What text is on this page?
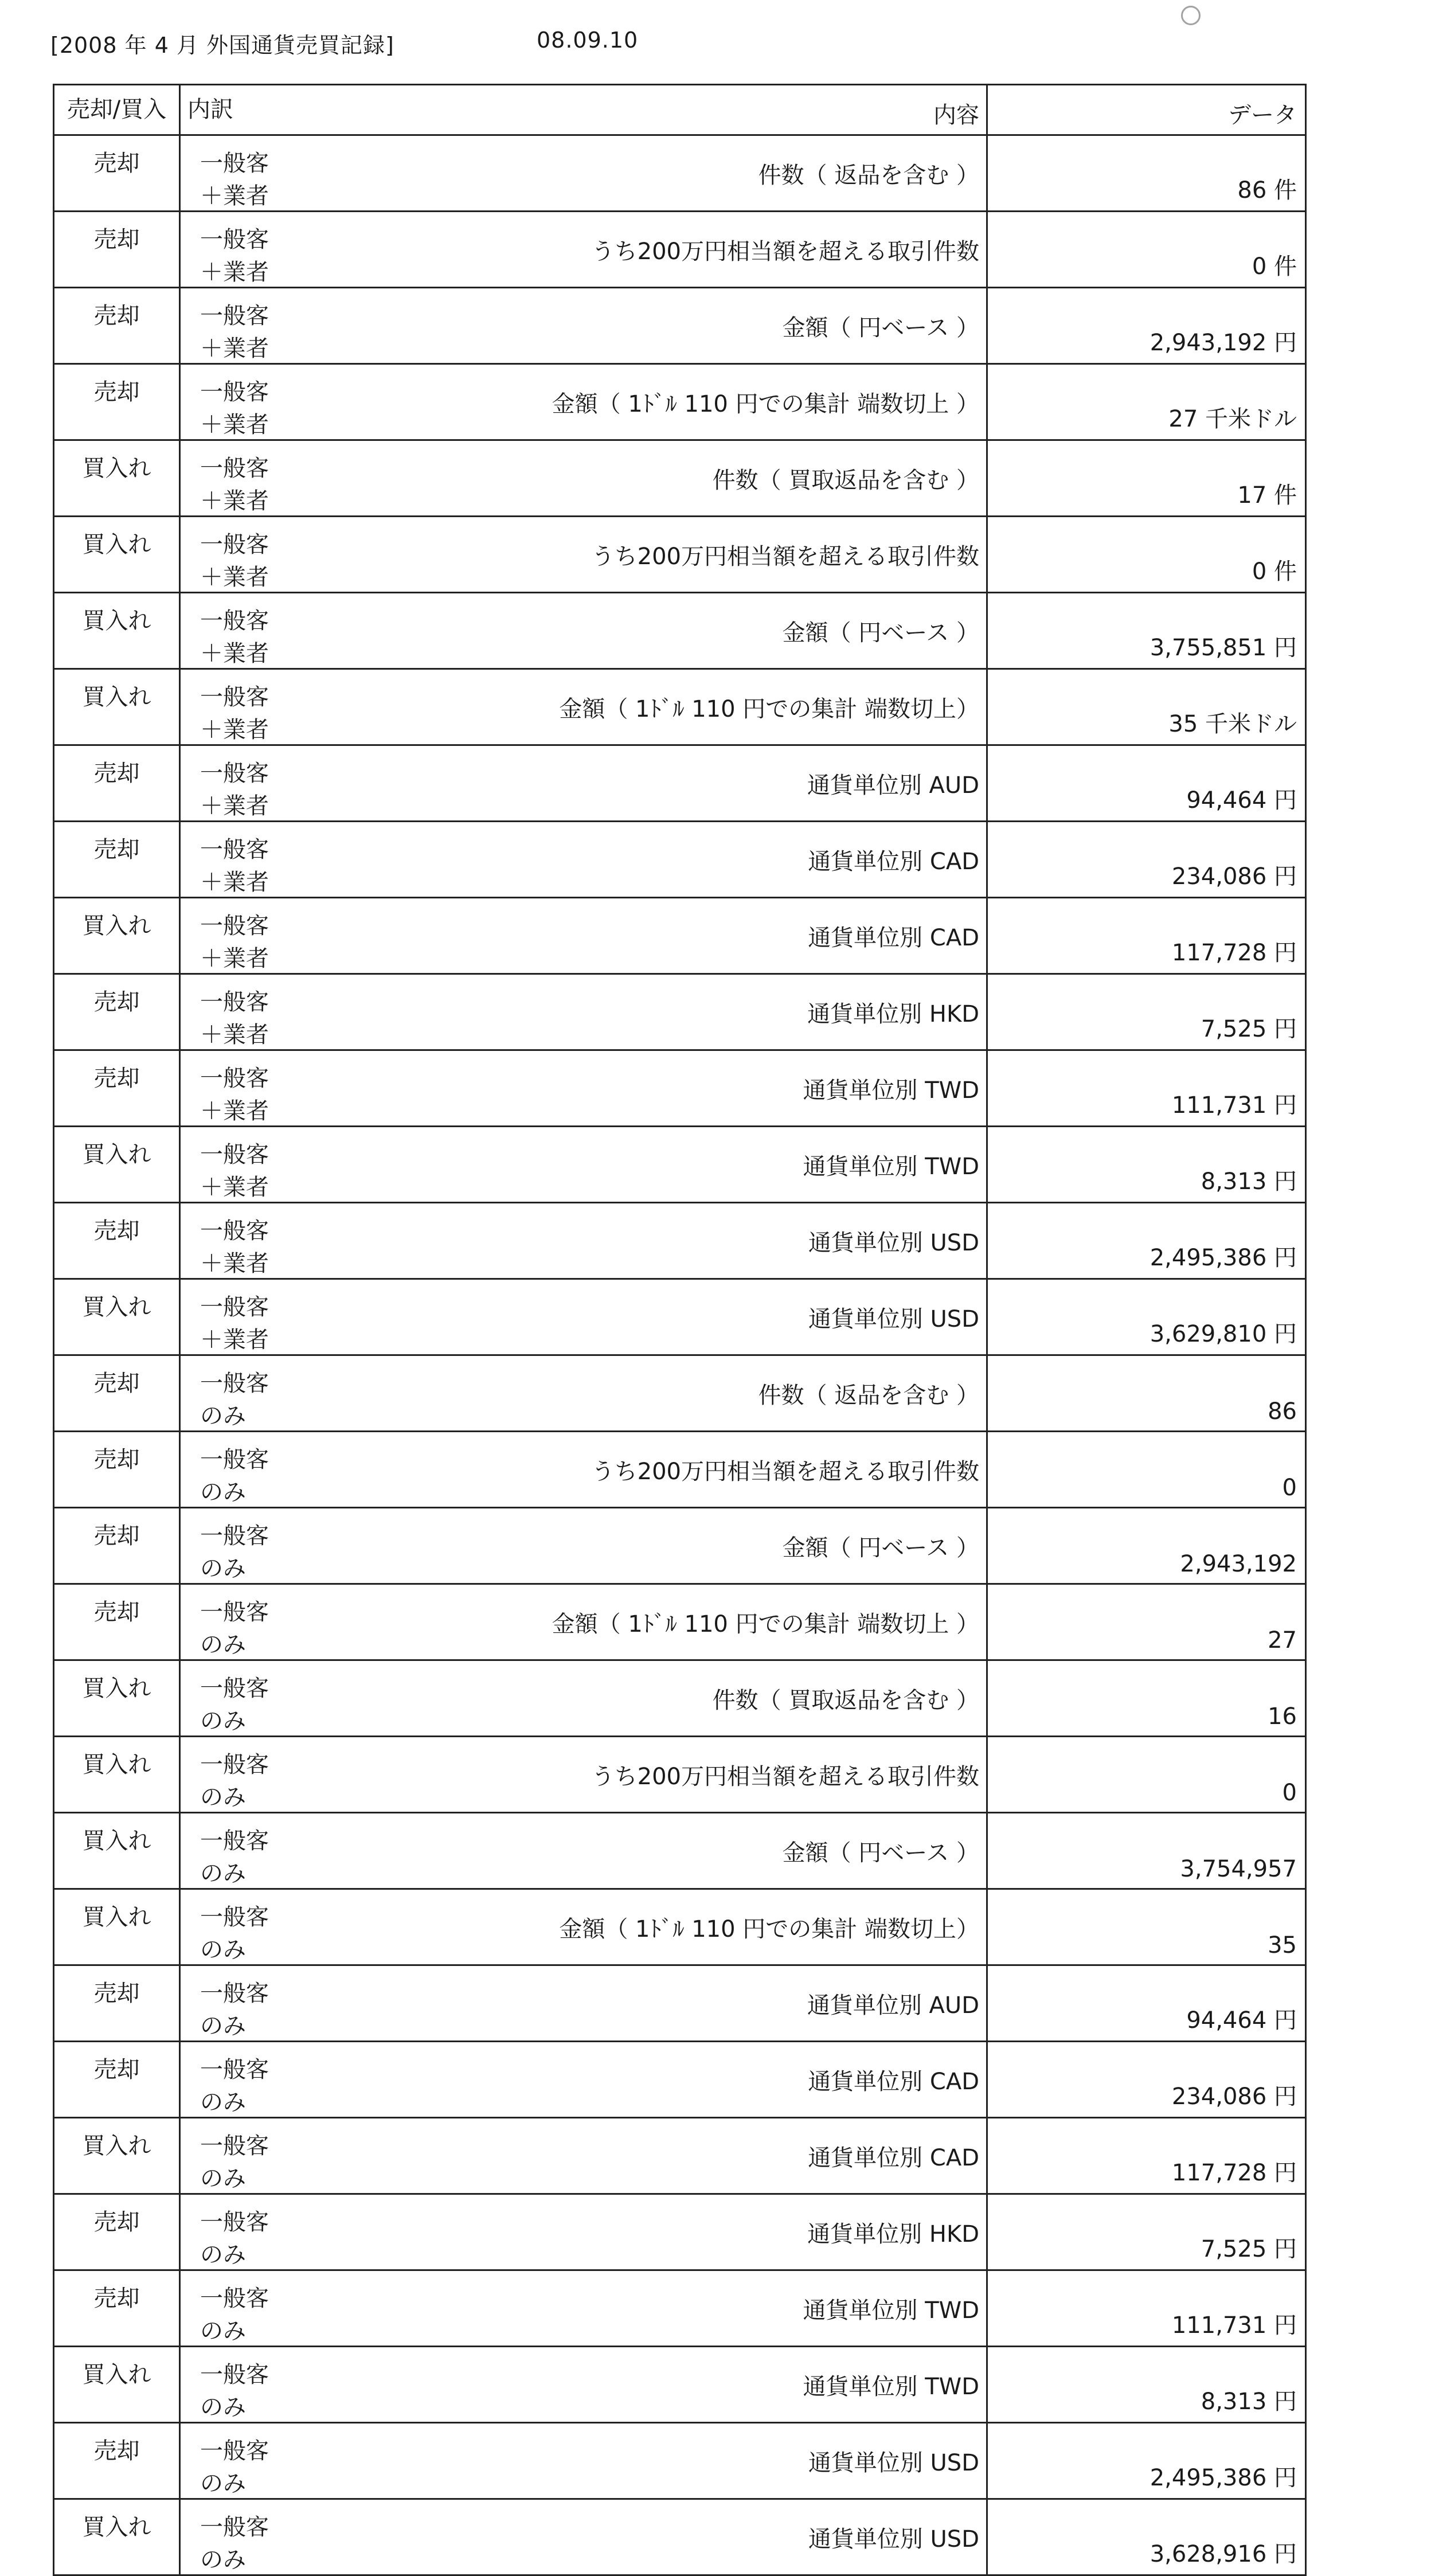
[2008 年 4 月 外国通貨売買記録]	08.09.10
売却/買入	内訳	内容	データ
売却	一般客＋業者	件数（ 返品を含む ）	86 件
売却	一般客＋業者	うち200万円相当額を超える取引件数	0 件
売却	一般客＋業者	金額（ 円ベース ）	2,943,192 円
売却	一般客＋業者	金額（ 1ﾄﾞﾙ 110 円での集計 端数切上 ）	27 千米ドル
買入れ	一般客＋業者	件数（ 買取返品を含む ）	17 件
買入れ	一般客＋業者	うち200万円相当額を超える取引件数	0 件
買入れ	一般客＋業者	金額（ 円ベース ）	3,755,851 円
買入れ	一般客＋業者	金額（ 1ﾄﾞﾙ 110 円での集計 端数切上）	35 千米ドル
売却	一般客＋業者	通貨単位別 AUD	94,464 円
売却	一般客＋業者	通貨単位別 CAD	234,086 円
買入れ	一般客＋業者	通貨単位別 CAD	117,728 円
売却	一般客＋業者	通貨単位別 HKD	7,525 円
売却	一般客＋業者	通貨単位別 TWD	111,731 円
買入れ	一般客＋業者	通貨単位別 TWD	8,313 円
売却	一般客＋業者	通貨単位別 USD	2,495,386 円
買入れ	一般客＋業者	通貨単位別 USD	3,629,810 円
売却	一般客のみ	件数（ 返品を含む ）	86
売却	一般客のみ	うち200万円相当額を超える取引件数	0
売却	一般客のみ	金額（ 円ベース ）	2,943,192
売却	一般客のみ	金額（ 1ﾄﾞﾙ 110 円での集計 端数切上 ）	27
買入れ	一般客のみ	件数（ 買取返品を含む ）	16
買入れ	一般客のみ	うち200万円相当額を超える取引件数	0
買入れ	一般客のみ	金額（ 円ベース ）	3,754,957
買入れ	一般客のみ	金額（ 1ﾄﾞﾙ 110 円での集計 端数切上）	35
売却	一般客のみ	通貨単位別 AUD	94,464 円
売却	一般客のみ	通貨単位別 CAD	234,086 円
買入れ	一般客のみ	通貨単位別 CAD	117,728 円
売却	一般客のみ	通貨単位別 HKD	7,525 円
売却	一般客のみ	通貨単位別 TWD	111,731 円
買入れ	一般客のみ	通貨単位別 TWD	8,313 円
売却	一般客のみ	通貨単位別 USD	2,495,386 円
買入れ	一般客のみ	通貨単位別 USD	3,628,916 円
